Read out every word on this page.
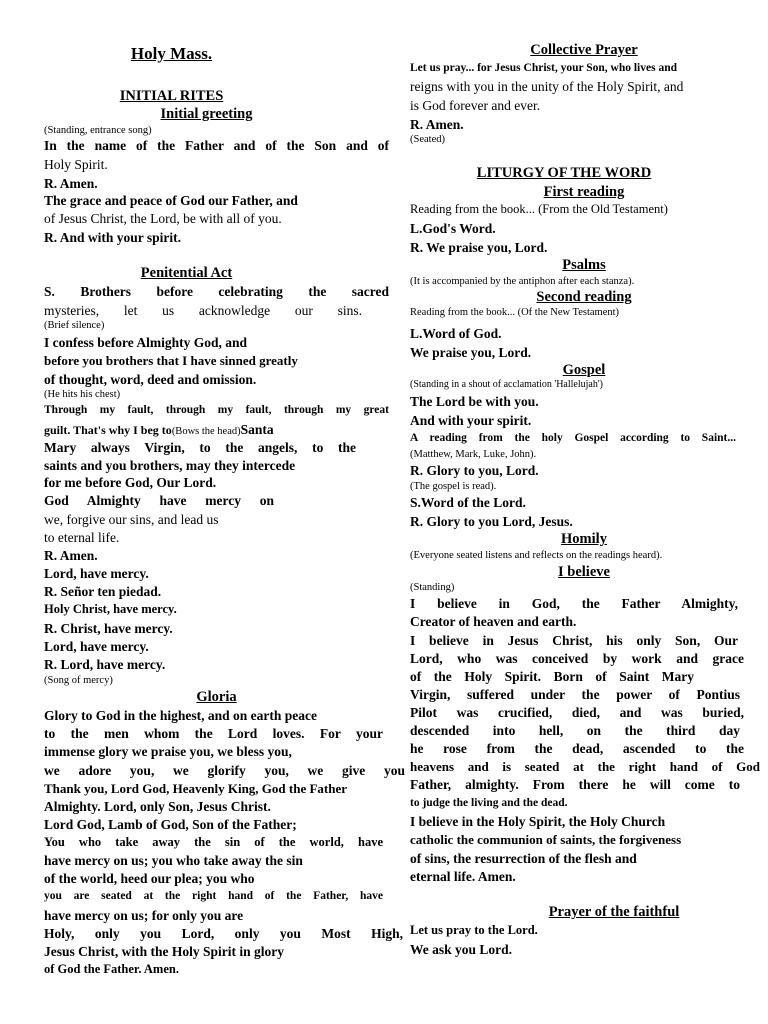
Holy Mass.
INITIAL RITES
Initial greeting
(Standing, entrance song)
In the name of the Father and of the Son and of
Holy Spirit.
R. Amen.
The grace and peace of God our Father, and
of Jesus Christ, the Lord, be with all of you.
R. And with your spirit.
Penitential Act
S. Brothers before celebrating the sacred
mysteries, let us acknowledge our sins.
(Brief silence)
I confess before Almighty God, and
before you brothers that I have sinned greatly
of thought, word, deed and omission.
(He hits his chest)
Through my fault, through my fault, through my great
guilt. That's why I beg to(Bows the head)Santa
Mary always Virgin, to the angels, to the
saints and you brothers, may they intercede
for me before God, Our Lord.
God Almighty have mercy on
we, forgive our sins, and lead us
to eternal life.
R. Amen.
Lord, have mercy.
R. Señor ten piedad.
Holy Christ, have mercy.
R. Christ, have mercy.
Lord, have mercy.
R. Lord, have mercy.
(Song of mercy)
Gloria
Glory to God in the highest, and on earth peace
to the men whom the Lord loves. For your
immense glory we praise you, we bless you,
we adore you, we glorify you, we give you
Thank you, Lord God, Heavenly King, God the Father
Almighty. Lord, only Son, Jesus Christ.
Lord God, Lamb of God, Son of the Father;
You who take away the sin of the world, have
have mercy on us; you who take away the sin
of the world, heed our plea; you who
you are seated at the right hand of the Father, have
have mercy on us; for only you are
Holy, only you Lord, only you Most High,
Jesus Christ, with the Holy Spirit in glory
of God the Father. Amen.
Collective Prayer
Let us pray... for Jesus Christ, your Son, who lives and
reigns with you in the unity of the Holy Spirit, and
is God forever and ever.
R. Amen.
(Seated)
LITURGY OF THE WORD
First reading
Reading from the book... (From the Old Testament)
L.God's Word.
R. We praise you, Lord.
Psalms
(It is accompanied by the antiphon after each stanza).
Second reading
Reading from the book... (Of the New Testament)
L.Word of God.
We praise you, Lord.
Gospel
(Standing in a shout of acclamation 'Hallelujah')
The Lord be with you.
And with your spirit.
A reading from the holy Gospel according to Saint...
(Matthew, Mark, Luke, John).
R. Glory to you, Lord.
(The gospel is read).
S.Word of the Lord.
R. Glory to you Lord, Jesus.
Homily
(Everyone seated listens and reflects on the readings heard).
I believe
(Standing)
I believe in God, the Father Almighty,
Creator of heaven and earth.
I believe in Jesus Christ, his only Son, Our
Lord, who was conceived by work and grace
of the Holy Spirit. Born of Saint Mary
Virgin, suffered under the power of Pontius
Pilot was crucified, died, and was buried,
descended into hell, on the third day
he rose from the dead, ascended to the
heavens and is seated at the right hand of God
Father, almighty. From there he will come to
to judge the living and the dead.
I believe in the Holy Spirit, the Holy Church
catholic the communion of saints, the forgiveness
of sins, the resurrection of the flesh and
eternal life. Amen.
Prayer of the faithful
Let us pray to the Lord.
We ask you Lord.
